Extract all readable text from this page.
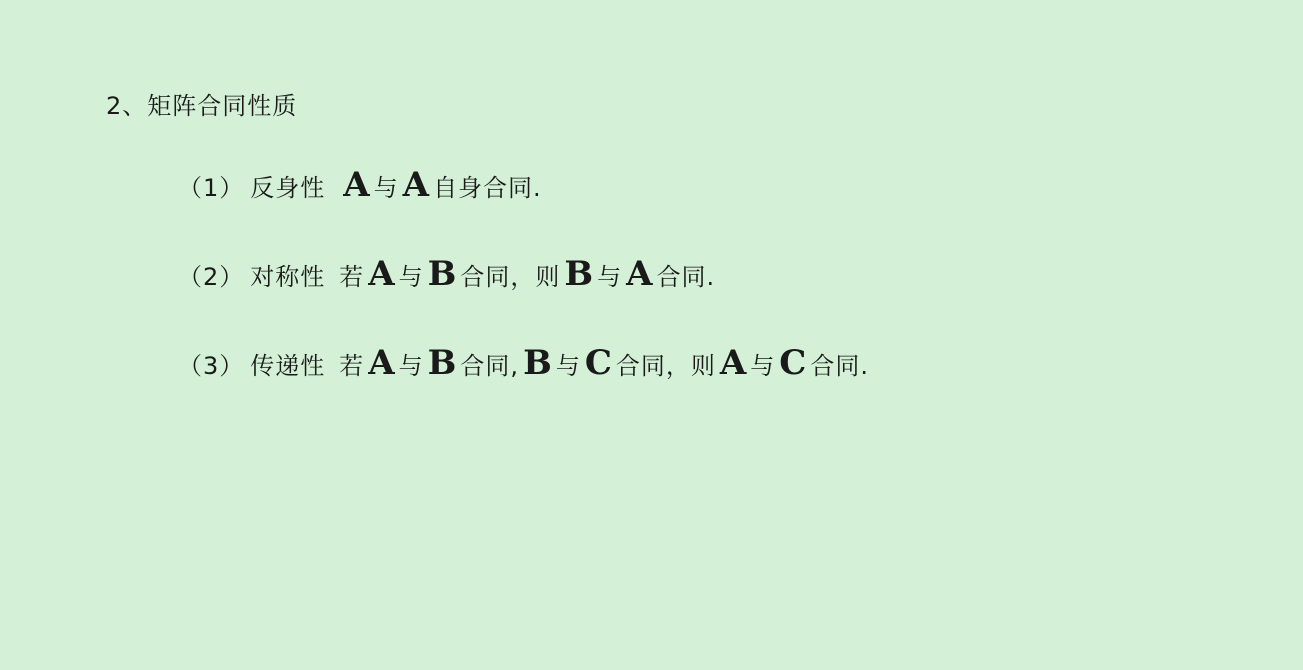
2、矩阵合同性质
（1） 反身性 A 与 A 自身合同.
（2） 对称性 若 A 与 B 合同，则 B 与 A 合同.
（3） 传递性 若 A 与 B 合同, B 与 C 合同，则 A 与 C 合同.
